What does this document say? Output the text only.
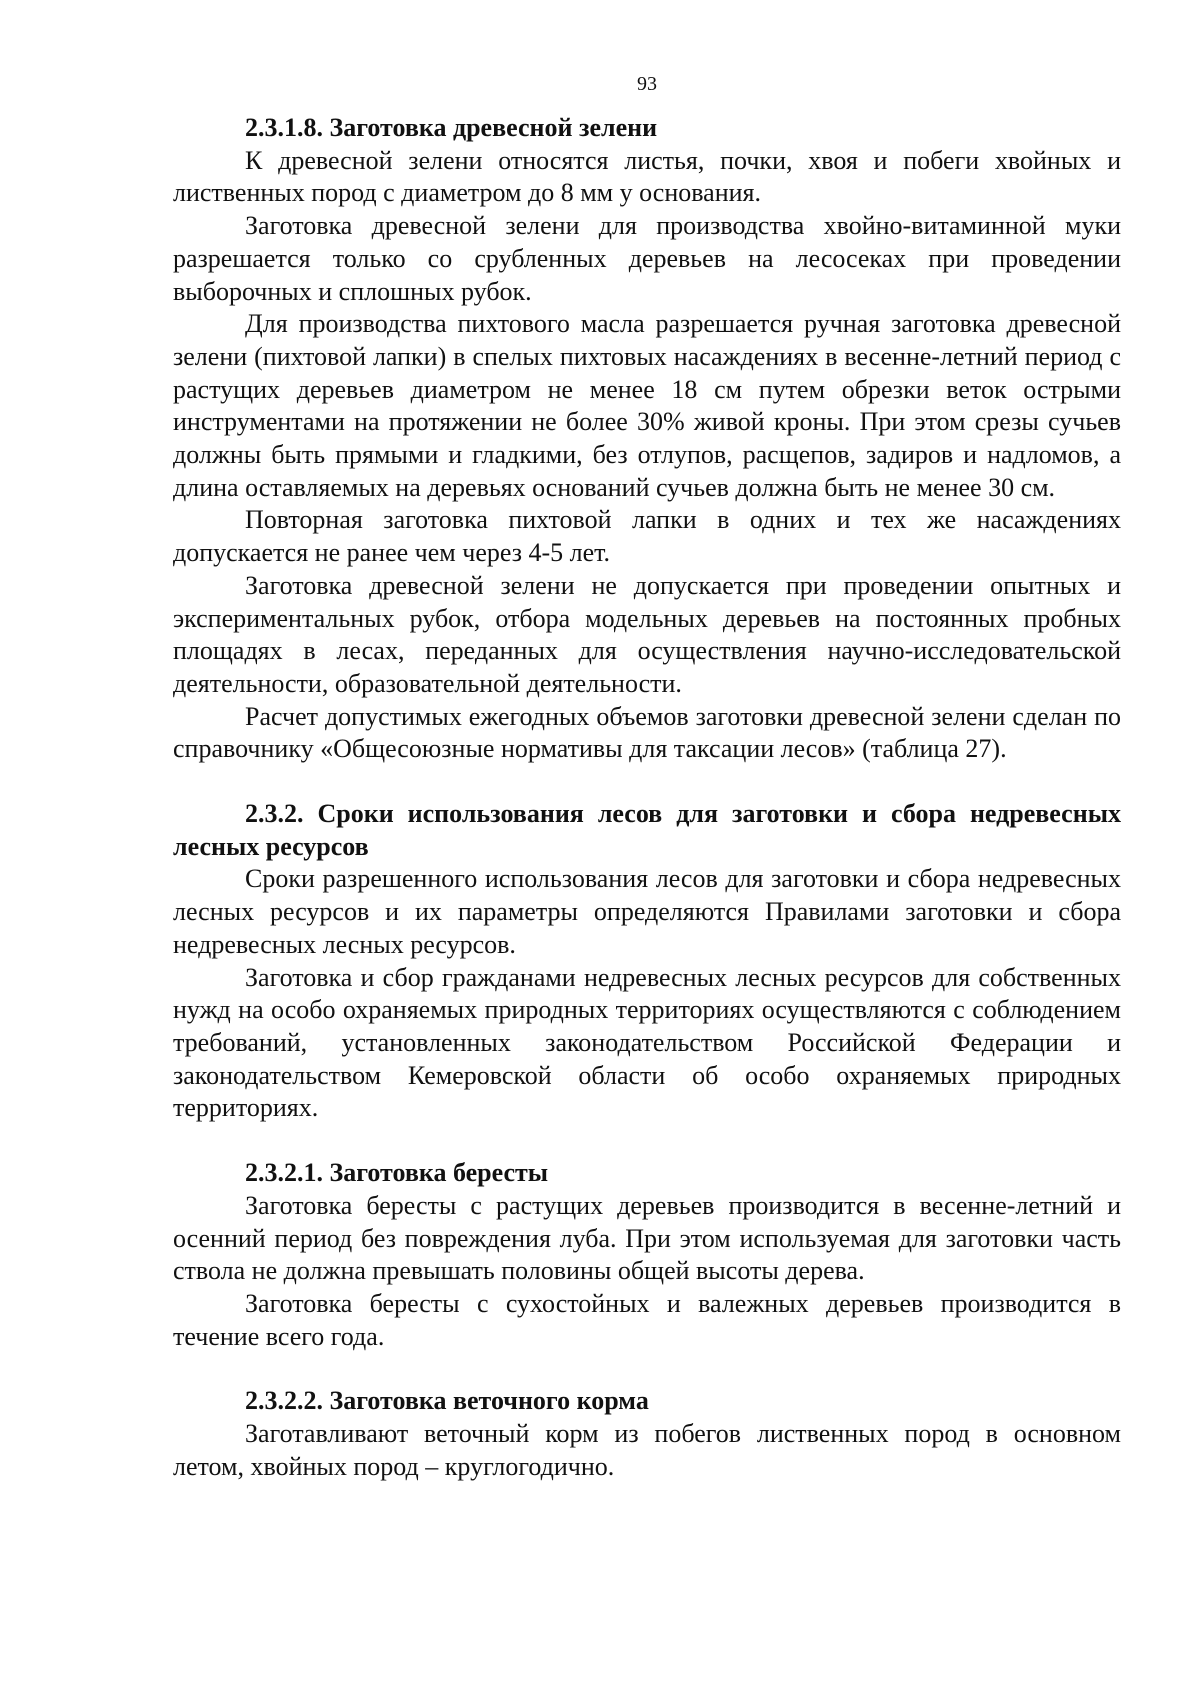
93

2.3.1.8. Заготовка древесной зелени

К древесной зелени относятся листья, почки, хвоя и побеги хвойных и лиственных пород с диаметром до 8 мм у основания.

Заготовка древесной зелени для производства хвойно-витаминной муки разрешается только со срубленных деревьев на лесосеках при проведении выборочных и сплошных рубок.

Для производства пихтового масла разрешается ручная заготовка древесной зелени (пихтовой лапки) в спелых пихтовых насаждениях в весенне-летний период с растущих деревьев диаметром не менее 18 см путем обрезки веток острыми инструментами на протяжении не более 30% живой кроны. При этом срезы сучьев должны быть прямыми и гладкими, без отлупов, расщепов, задиров и надломов, а длина оставляемых на деревьях оснований сучьев должна быть не менее 30 см.

Повторная заготовка пихтовой лапки в одних и тех же насаждениях допускается не ранее чем через 4-5 лет.

Заготовка древесной зелени не допускается при проведении опытных и экспериментальных рубок, отбора модельных деревьев на постоянных пробных площадях в лесах, переданных для осуществления научно-исследовательской деятельности, образовательной деятельности.

Расчет допустимых ежегодных объемов заготовки древесной зелени сделан по справочнику «Общесоюзные нормативы для таксации лесов» (таблица 27).

2.3.2. Сроки использования лесов для заготовки и сбора недревесных лесных ресурсов

Сроки разрешенного использования лесов для заготовки и сбора недревесных лесных ресурсов и их параметры определяются Правилами заготовки и сбора недревесных лесных ресурсов.

Заготовка и сбор гражданами недревесных лесных ресурсов для собственных нужд на особо охраняемых природных территориях осуществляются с соблюдением требований, установленных законодательством Российской Федерации и законодательством Кемеровской области об особо охраняемых природных территориях.

2.3.2.1. Заготовка бересты

Заготовка бересты с растущих деревьев производится в весенне-летний и осенний период без повреждения луба. При этом используемая для заготовки часть ствола не должна превышать половины общей высоты дерева.

Заготовка бересты с сухостойных и валежных деревьев производится в течение всего года.

2.3.2.2. Заготовка веточного корма

Заготавливают веточный корм из побегов лиственных пород в основном летом, хвойных пород – круглогодично.
